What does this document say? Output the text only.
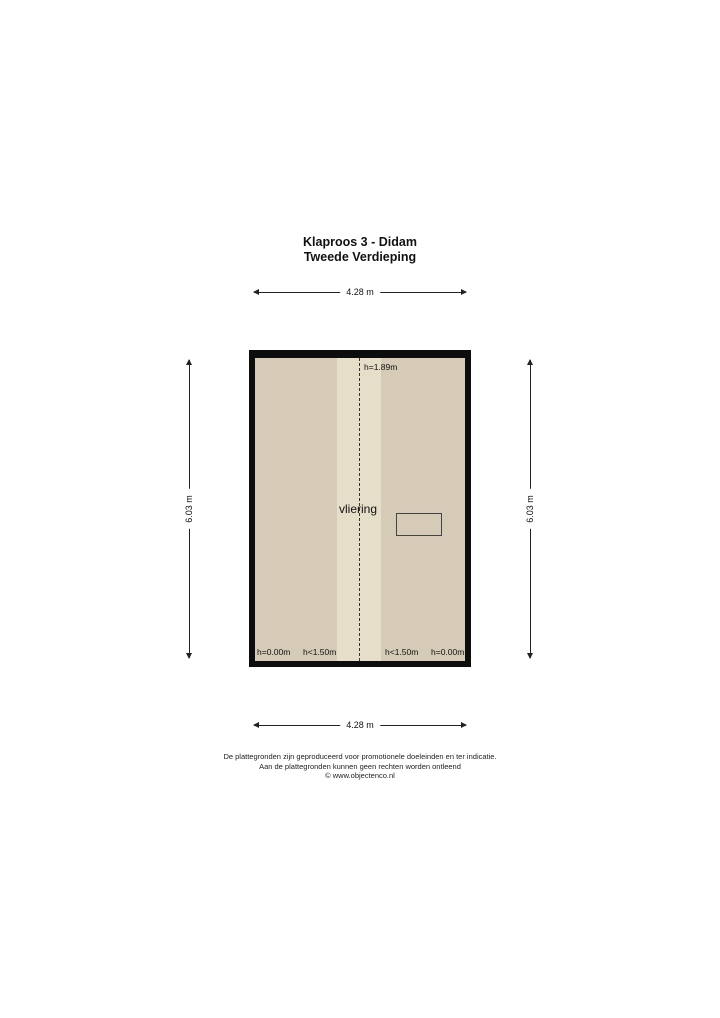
Klaproos 3 - Didam
Tweede Verdieping
4.28 m
6.03 m	6.03 m
h=1.89m
vliering
h=0.00m h<1.50m	h<1.50m h=0.00m
4.28 m
De plattegronden zijn geproduceerd voor promotionele doeleinden en ter indicatie.
Aan de plattegronden kunnen geen rechten worden ontleend
© www.objectenco.nl
